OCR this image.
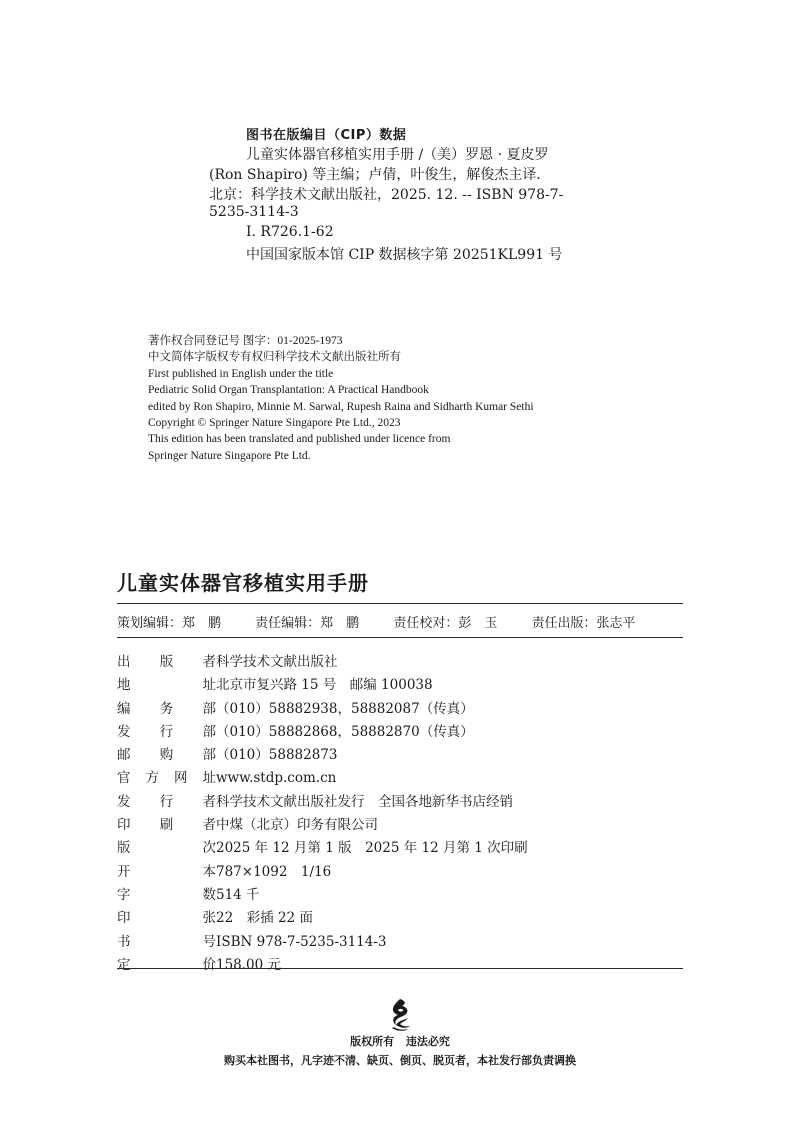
图书在版编目（CIP）数据
儿童实体器官移植实用手册 /（美）罗恩 · 夏皮罗
(Ron Shapiro) 等主编；卢倩，叶俊生，解俊杰主译.
北京：科学技术文献出版社，2025. 12. -- ISBN 978-7-
5235-3114-3
Ⅰ. R726.1-62
中国国家版本馆 CIP 数据核字第 20251KL991 号
著作权合同登记号 图字：01-2025-1973
中文简体字版权专有权归科学技术文献出版社所有
First published in English under the title
Pediatric Solid Organ Transplantation: A Practical Handbook
edited by Ron Shapiro, Minnie M. Sarwal, Rupesh Raina and Sidharth Kumar Sethi
Copyright © Springer Nature Singapore Pte Ltd., 2023
This edition has been translated and published under licence from
Springer Nature Singapore Pte Ltd.
儿童实体器官移植实用手册
策划编辑：郑　鹏	责任编辑：郑　鹏	责任校对：彭　玉	责任出版：张志平
出 版 者 科学技术文献出版社
地	址 北京市复兴路 15 号　邮编 100038
编 务 部 （010）58882938，58882087（传真）
发 行 部 （010）58882868，58882870（传真）
邮 购 部 （010）58882873
官 方 网 址 www.stdp.com.cn
发 行 者 科学技术文献出版社发行　全国各地新华书店经销
印 刷 者 中煤（北京）印务有限公司
版	次 2025 年 12 月第 1 版　2025 年 12 月第 1 次印刷
开	本 787×1092　1/16
字	数 514 千
印	张 22　彩插 22 面
书	号 ISBN 978-7-5235-3114-3
定	价 158.00 元
版权所有 违法必究
购买本社图书，凡字迹不清、缺页、倒页、脱页者，本社发行部负责调换
